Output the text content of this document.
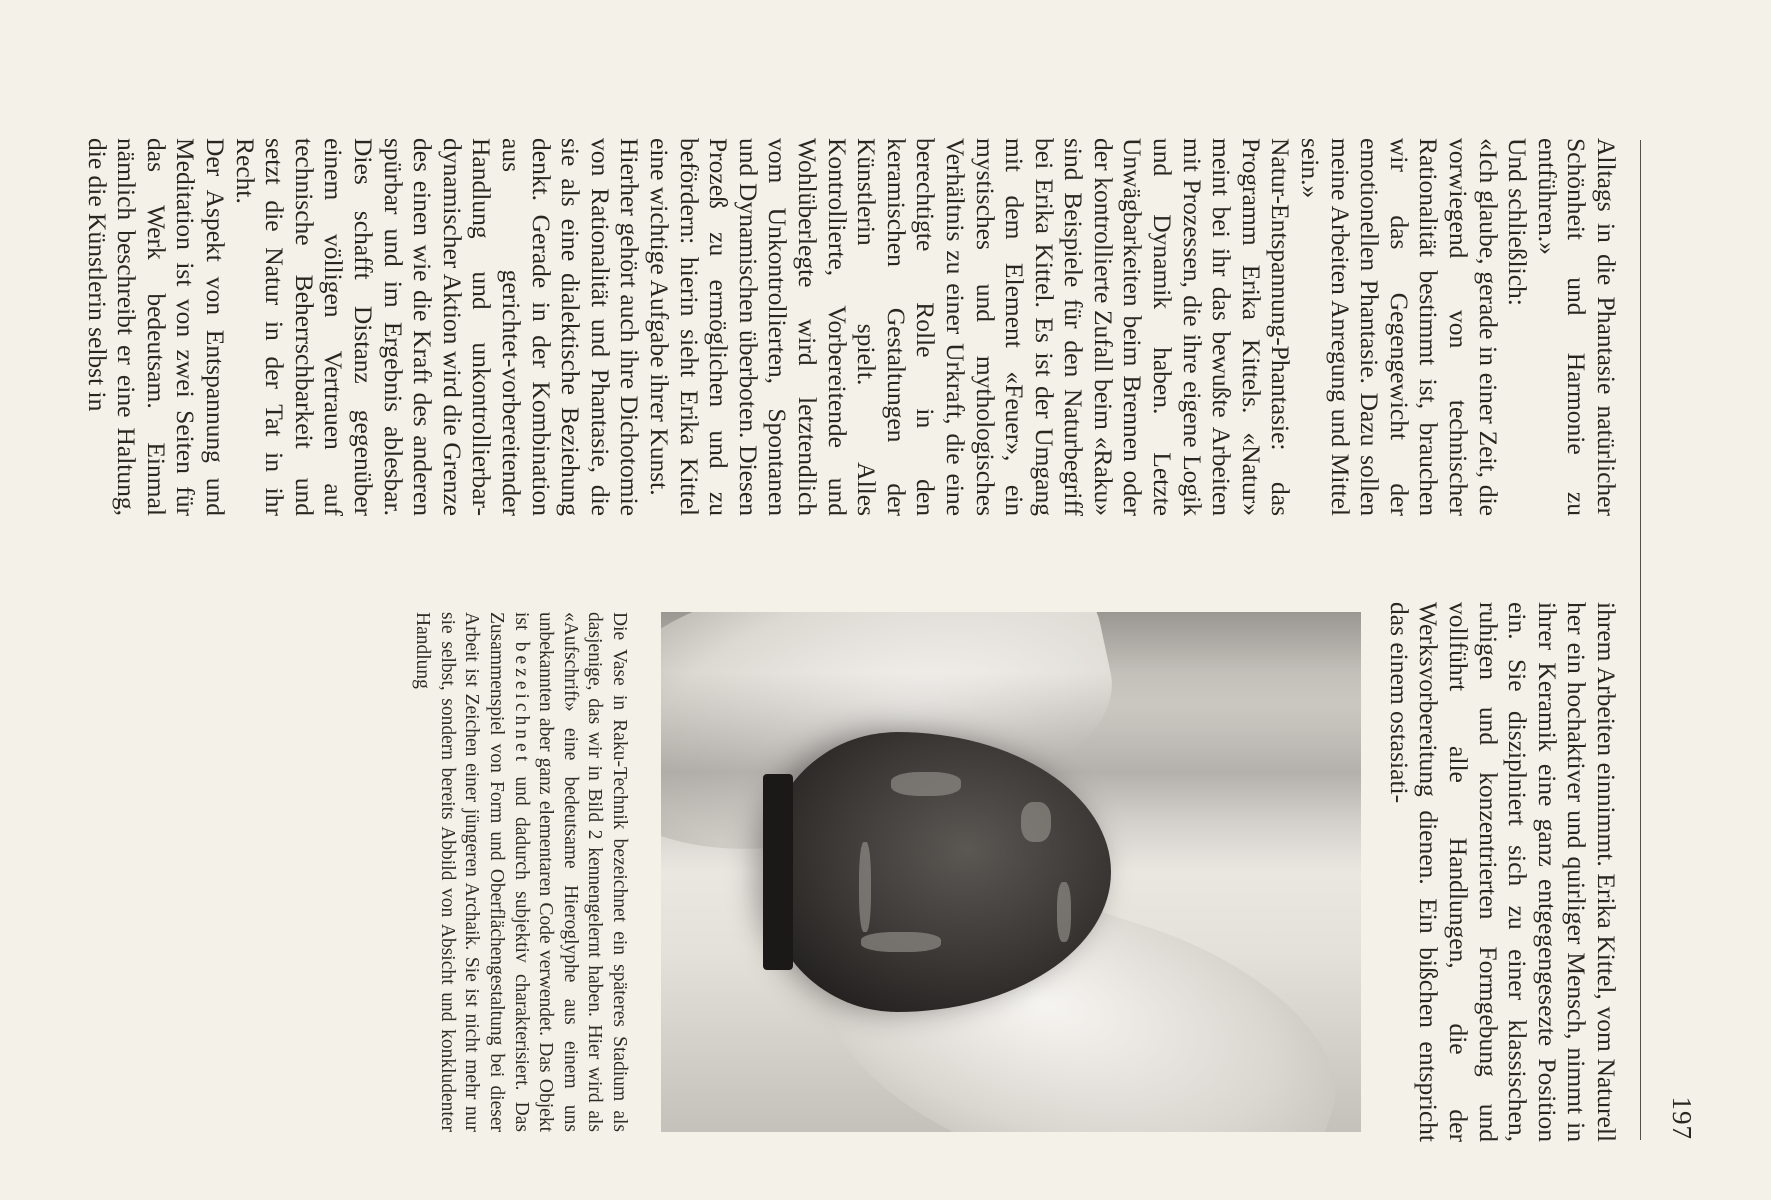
197

Alltags in die Phantasie natürlicher Schönheit und Harmonie zu entführen.»

Und schließlich:

«Ich glaube, gerade in einer Zeit, die vorwiegend von technischer Rationalität bestimmt ist, brauchen wir das Gegengewicht der emotionellen Phantasie. Dazu sollen meine Arbeiten Anregung und Mittel sein.»

Natur-Entspannung-Phantasie: das Programm Erika Kittels. «Natur» meint bei ihr das bewußte Arbeiten mit Prozessen, die ihre eigene Logik und Dynamik haben. Letzte Unwägbarkeiten beim Brennen oder der kontrollierte Zufall beim «Raku» sind Beispiele für den Naturbegriff bei Erika Kittel. Es ist der Umgang mit dem Element «Feuer», ein mystisches und mythologisches Verhältnis zu einer Urkraft, die eine berechtigte Rolle in den keramischen Gestaltungen der Künstlerin spielt. Alles Kontrollierte, Vorbereitende und Wohlüberlegte wird letztendlich vom Unkontrollierten, Spontanen und Dynamischen überboten. Diesen Prozeß zu ermöglichen und zu befördern: hierin sieht Erika Kittel eine wichtige Aufgabe ihrer Kunst.

Hierher gehört auch ihre Dichotomie von Rationalität und Phantasie, die sie als eine dialektische Beziehung denkt. Gerade in der Kombination aus gerichtet-vorbereitender Handlung und unkontrollierbar-dynamischer Aktion wird die Grenze des einen wie die Kraft des anderen spürbar und im Ergebnis ablesbar. Dies schafft Distanz gegenüber einem völligen Vertrauen auf technische Beherrschbarkeit und setzt die Natur in der Tat in ihr Recht.

Der Aspekt von Entspannung und Meditation ist von zwei Seiten für das Werk bedeutsam. Einmal nämlich beschreibt er eine Haltung, die die Künstlerin selbst in

ihrem Arbeiten einnimmt. Erika Kittel, vom Naturell her ein hochaktiver und quirliger Mensch, nimmt in ihrer Keramik eine ganz entgegengesezte Position ein. Sie disziplniert sich zu einer klassischen, ruhigen und konzentrierten Formgebung und vollführt alle Handlungen, die der Werksvorbereitung dienen. Ein bißchen entspricht das einem ostasiati-
Die Vase in Raku-Technik bezeichnet ein späteres Stadium als dasjenige, das wir in Bild 2 kennengelernt haben. Hier wird als «Aufschrift» eine bedeutsame Hieroglyphe aus einem uns unbekannten aber ganz elementaren Code verwendet. Das Objekt ist bezeichnet und dadurch subjektiv charakterisiert. Das Zusammenspiel von Form und Oberflächengestaltung bei dieser Arbeit ist Zeichen einer jüngeren Archaik. Sie ist nicht mehr nur sie selbst, sondern bereits Abbild von Absicht und konkludenter Handlung
